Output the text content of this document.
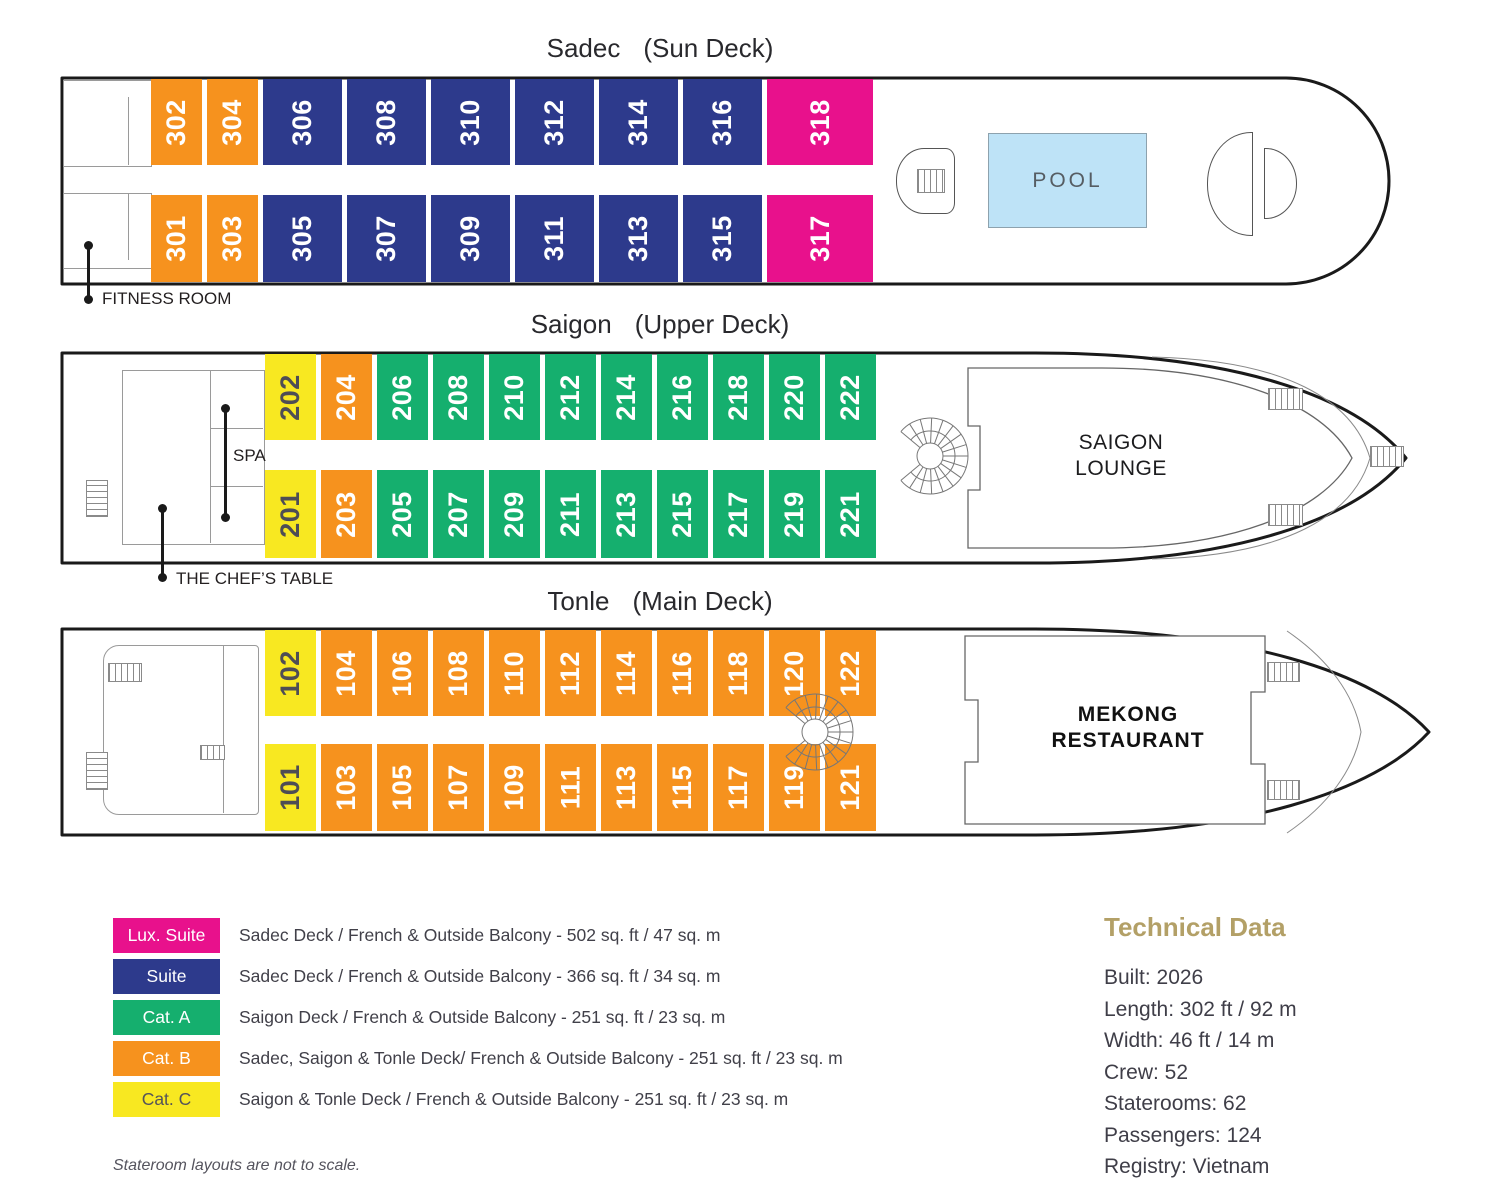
Sadec (Sun Deck)
302 304 306 308 310 312 314 316	318
301 303 305 307 309 311 313 315	317
POOL
FITNESS ROOM
Saigon (Upper Deck)
202 204 206 208 210 212 214 216 218 220 222
201 203 205 207 209 211 213 215 217 219 221
SAIGON
LOUNGE
SPA
THE CHEF’S TABLE
Tonle (Main Deck)
102 104 106 108 110 112 114 116 118 120 122
101 103 105 107 109 111 113 115 117 119 121
MEKONG
RESTAURANT
Lux. Suite	Sadec Deck / French & Outside Balcony - 502 sq. ft / 47 sq. m
Suite	Sadec Deck / French & Outside Balcony - 366 sq. ft / 34 sq. m
Cat. A	Saigon Deck / French & Outside Balcony - 251 sq. ft / 23 sq. m
Cat. B	Sadec, Saigon & Tonle Deck/ French & Outside Balcony - 251 sq. ft / 23 sq. m
Cat. C	Saigon & Tonle Deck / French & Outside Balcony - 251 sq. ft / 23 sq. m
Technical Data
Built: 2026
Length: 302 ft / 92 m
Width: 46 ft / 14 m
Crew: 52
Staterooms: 62
Passengers: 124
Registry: Vietnam
Stateroom layouts are not to scale.
